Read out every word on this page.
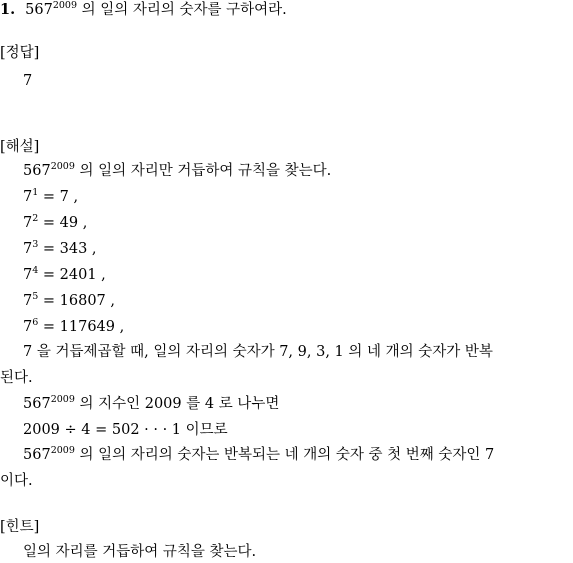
1. $567^{2009}$ 의 일의 자리의 숫자를 구하여라.
[정답]
7
[해설]
$567^{2009}$ 의 일의 자리만 거듭하여 규칙을 찾는다.
$7^1 = 7$ ,
$7^2 = 49$ ,
$7^3 = 343$ ,
$7^4 = 2401$ ,
$7^5 = 16807$ ,
$7^6 = 117649$ ,
7 을 거듭제곱할 때, 일의 자리의 숫자가 7, 9, 3, 1 의 네 개의 숫자가 반복
된다.
$567^{2009}$ 의 지수인 2009 를 4 로 나누면
2009 ÷ 4 = 502 · · · 1 이므로
$567^{2009}$ 의 일의 자리의 숫자는 반복되는 네 개의 숫자 중 첫 번째 숫자인 7
이다.
[힌트]
일의 자리를 거듭하여 규칙을 찾는다.
